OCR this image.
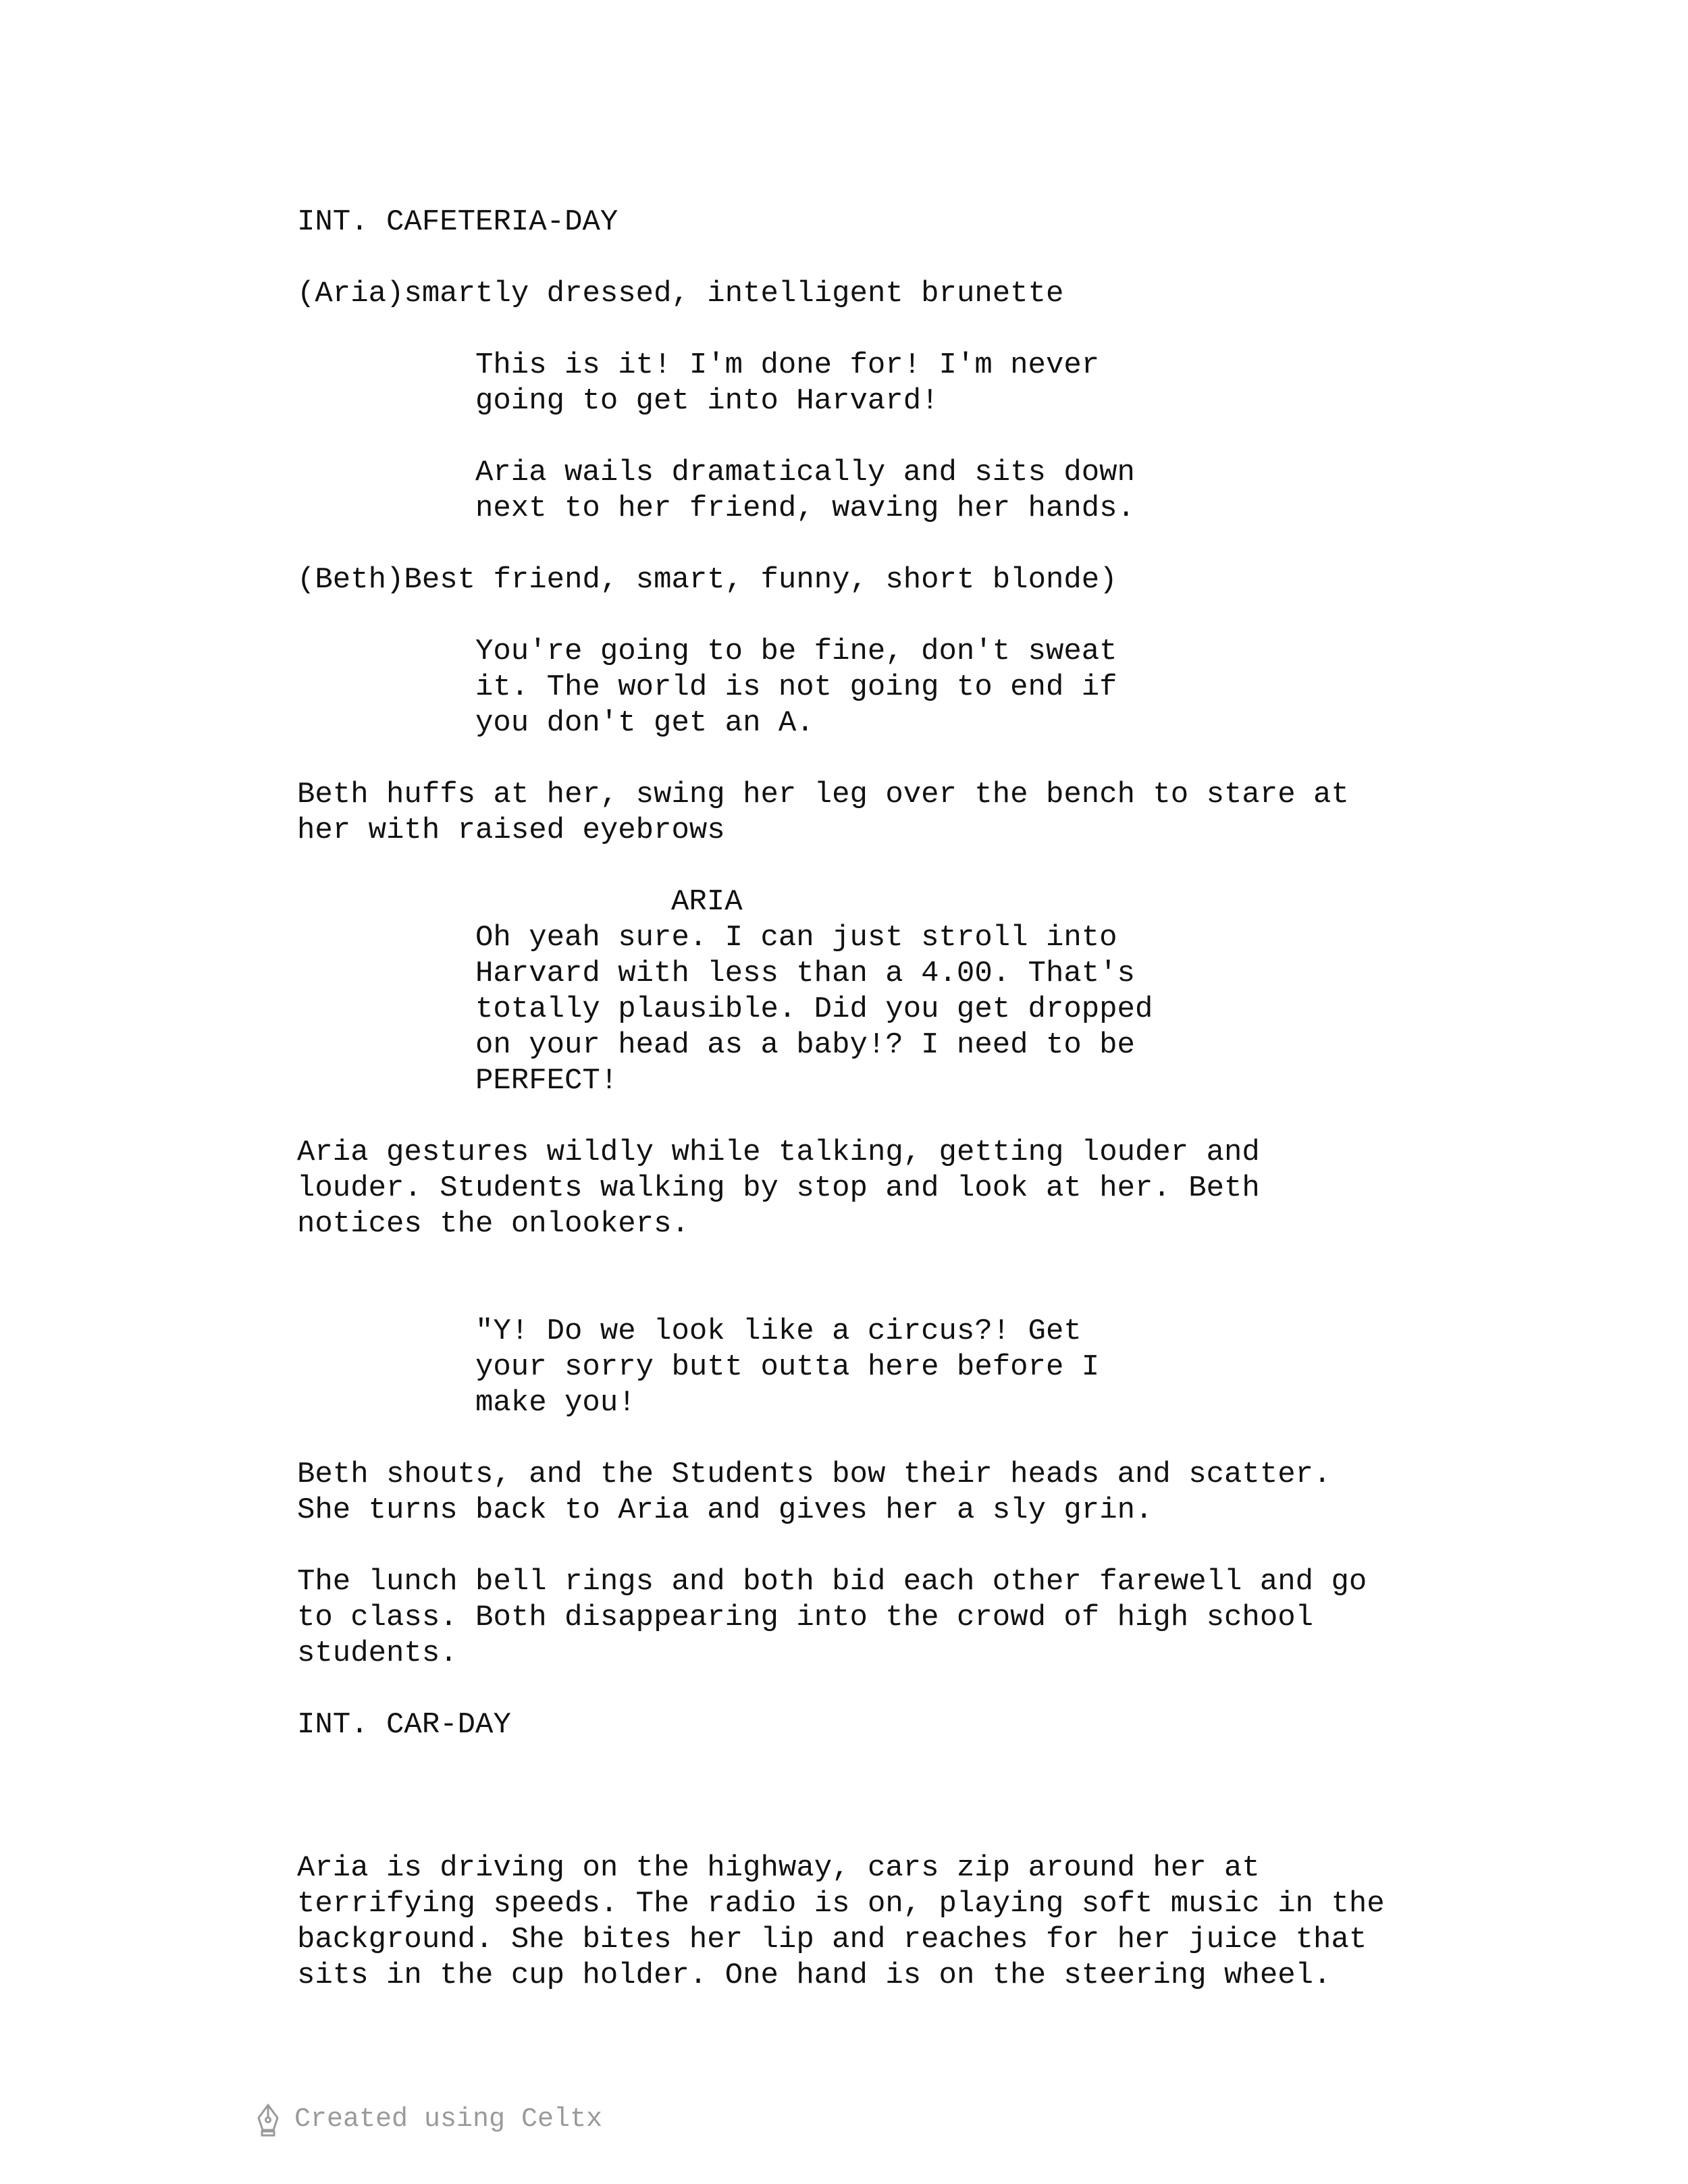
INT. CAFETERIA-DAY

(Aria)smartly dressed, intelligent brunette

This is it! I'm done for! I'm never

going to get into Harvard!

Aria wails dramatically and sits down

next to her friend, waving her hands.

(Beth)Best friend, smart, funny, short blonde)

You're going to be fine, don't sweat

it. The world is not going to end if

you don't get an A.

Beth huffs at her, swing her leg over the bench to stare at

her with raised eyebrows

ARIA

Oh yeah sure. I can just stroll into

Harvard with less than a 4.00. That's

totally plausible. Did you get dropped

on your head as a baby!? I need to be

PERFECT!

Aria gestures wildly while talking, getting louder and

louder. Students walking by stop and look at her. Beth

notices the onlookers.

"Y! Do we look like a circus?! Get

your sorry butt outta here before I

make you!

Beth shouts, and the Students bow their heads and scatter.

She turns back to Aria and gives her a sly grin.

The lunch bell rings and both bid each other farewell and go

to class. Both disappearing into the crowd of high school

students.

INT. CAR-DAY

Aria is driving on the highway, cars zip around her at

terrifying speeds. The radio is on, playing soft music in the

background. She bites her lip and reaches for her juice that

sits in the cup holder. One hand is on the steering wheel.

Created using Celtx
